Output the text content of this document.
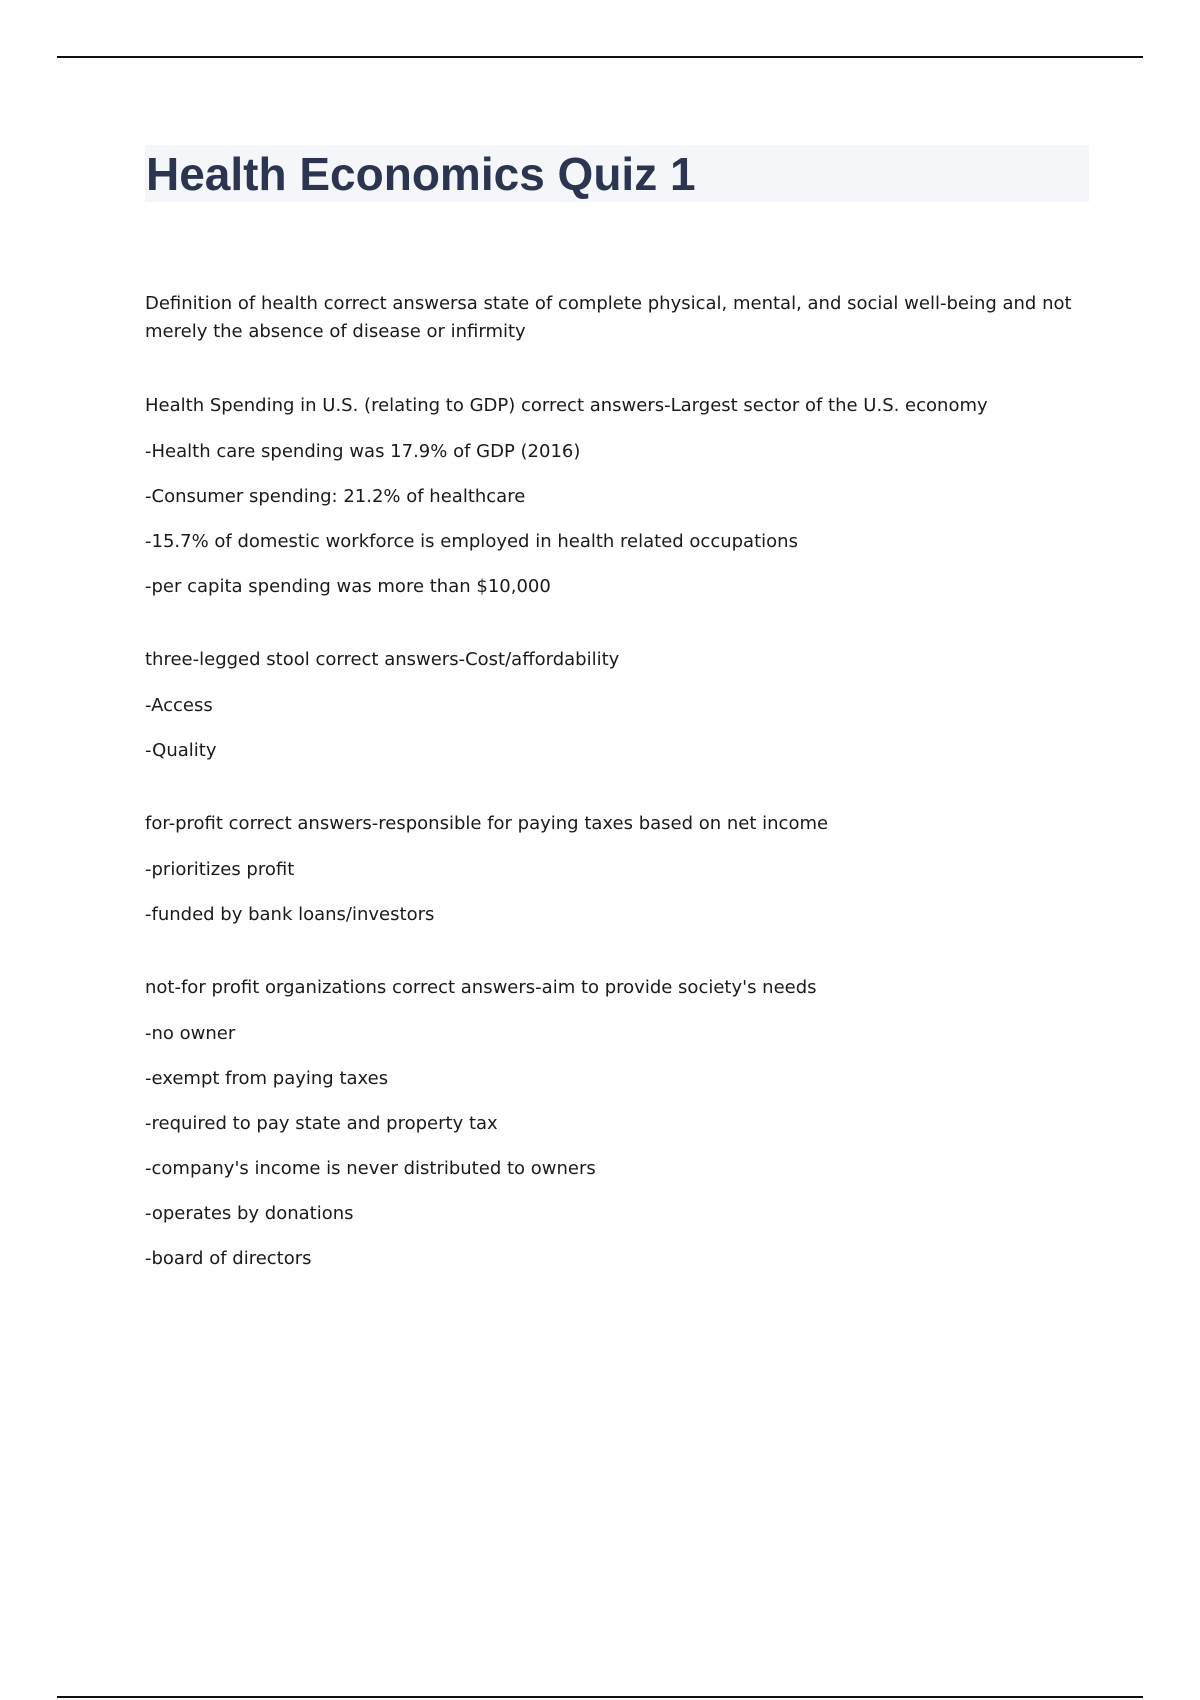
Health Economics Quiz 1

Definition of health correct answersa state of complete physical, mental, and social well-being and not merely the absence of disease or infirmity

Health Spending in U.S. (relating to GDP) correct answers-Largest sector of the U.S. economy

-Health care spending was 17.9% of GDP (2016)

-Consumer spending: 21.2% of healthcare

-15.7% of domestic workforce is employed in health related occupations

-per capita spending was more than $10,000

three-legged stool correct answers-Cost/affordability

-Access

-Quality

for-profit correct answers-responsible for paying taxes based on net income

-prioritizes profit

-funded by bank loans/investors

not-for profit organizations correct answers-aim to provide society's needs

-no owner

-exempt from paying taxes

-required to pay state and property tax

-company's income is never distributed to owners

-operates by donations

-board of directors
